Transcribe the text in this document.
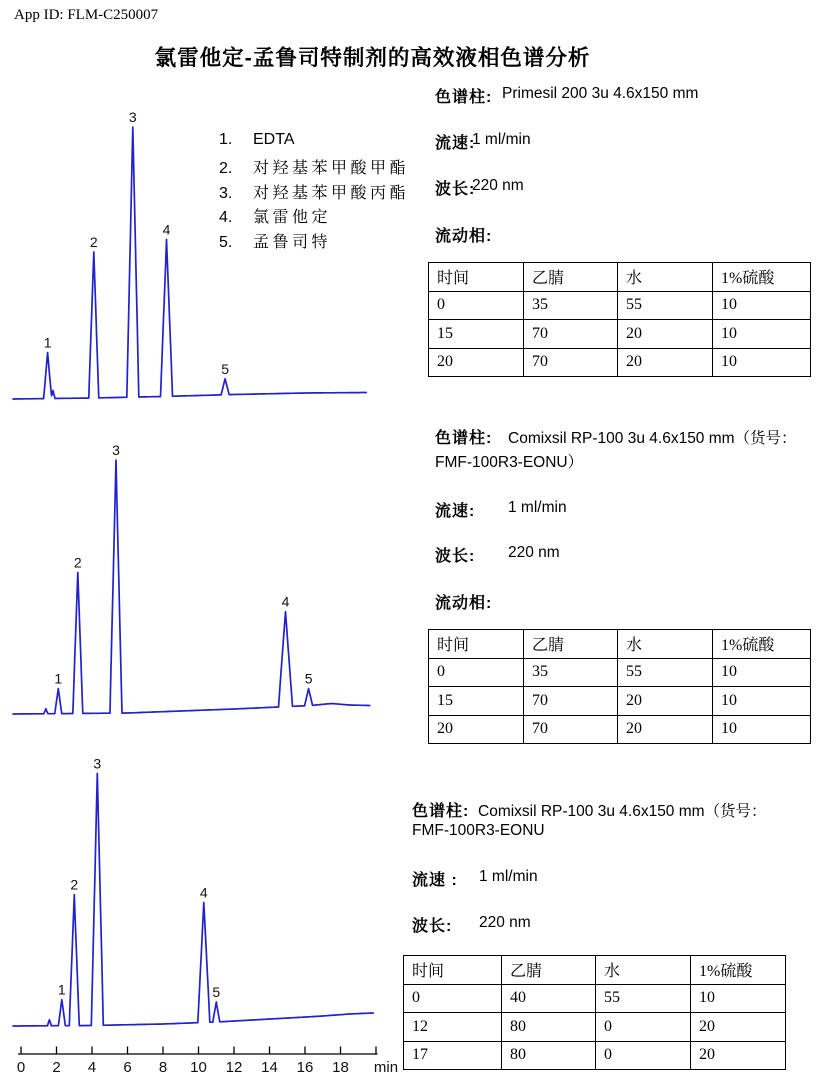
App ID: FLM-C250007
氯雷他定-孟鲁司特制剂的高效液相色谱分析
1
2
3
4
5
1
2
3
4
5
1
2
3
4
5
0 2 4 6 8 10 12 14 16 18 min
1. EDTA
2. 对羟基苯甲酸甲酯
3. 对羟基苯甲酸丙酯
4. 氯雷他定
5. 孟鲁司特
色谱柱: Primesil 200 3u 4.6x150 mm
流速:
1 ml/min
波长:
220 nm
流动相:
色谱柱: Comixsil RP-100 3u 4.6x150 mm（货号：
FMF-100R3-EONU）
流速: 1 ml/min
波长: 220 nm
流动相:
色谱柱: Comixsil RP-100 3u 4.6x150 mm（货号：
FMF-100R3-EONU
流速 : 1 ml/min
波长: 220 nm
时间	乙腈	水	1%硫酸
0	35	55	10
15	70	20	10
20	70	20	10
时间	乙腈	水	1%硫酸
0	35	55	10
15	70	20	10
20	70	20	10
时间	乙腈	水	1%硫酸
0	40	55	10
12	80	0	20
17	80	0	20
